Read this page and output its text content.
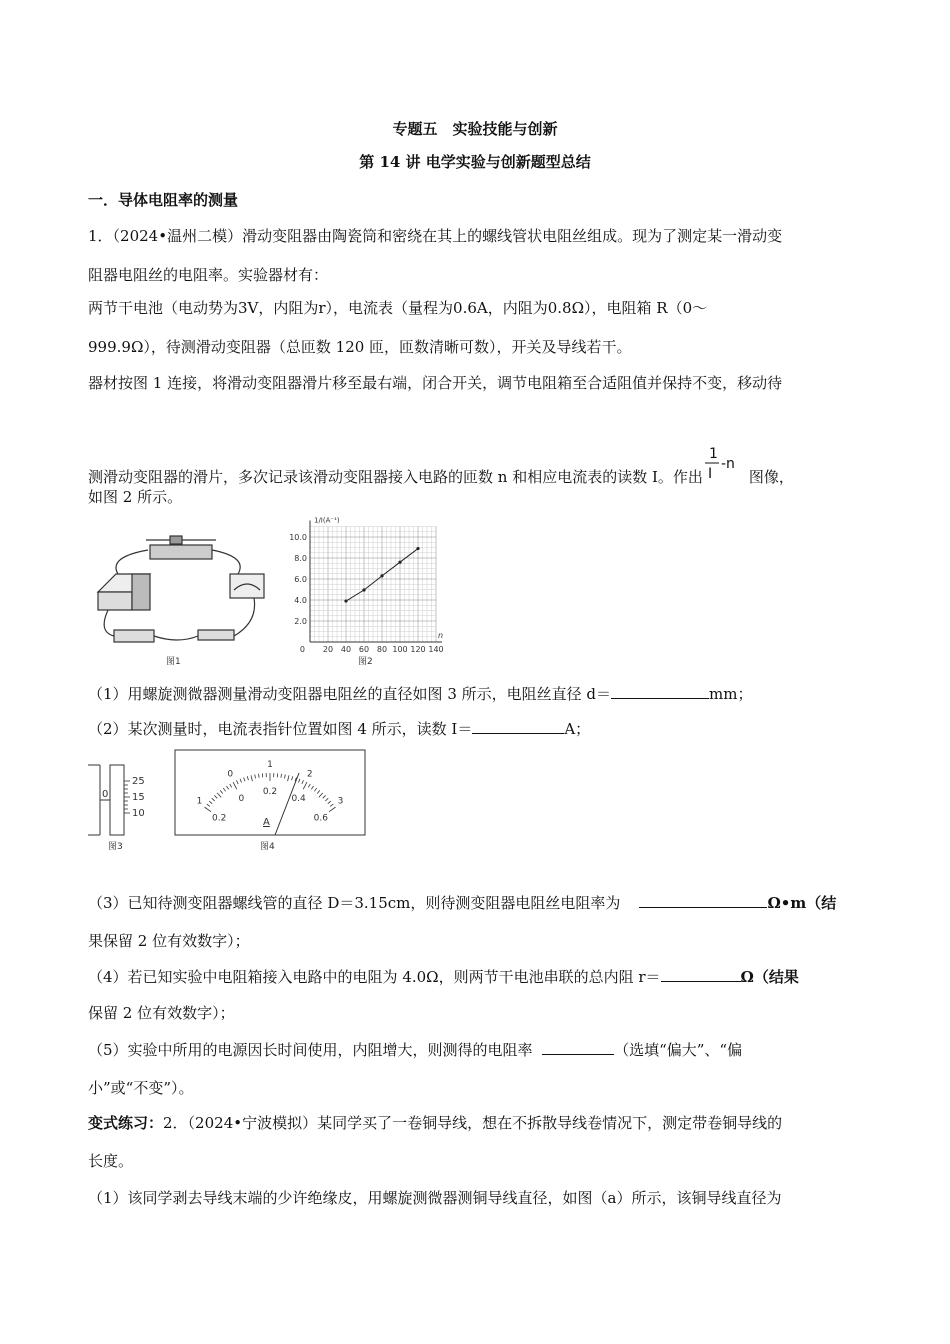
专题五　实验技能与创新
第 14 讲 电学实验与创新题型总结
一．导体电阻率的测量
1．（2024•温州二模）滑动变阻器由陶瓷筒和密绕在其上的螺线管状电阻丝组成。现为了测定某一滑动变
阻器电阻丝的电阻率。实验器材有：
两节干电池（电动势为3V，内阻为r），电流表（量程为0.6A，内阻为0.8Ω），电阻箱 R（0～
999.9Ω），待测滑动变阻器（总匝数 120 匝，匝数清晰可数），开关及导线若干。
器材按图 1 连接，将滑动变阻器滑片移至最右端，闭合开关，调节电阻箱至合适阻值并保持不变，移动待
测滑动变阻器的滑片，多次记录该滑动变阻器接入电路的匝数 n 和相应电流表的读数 I。作出
1
I
-n
图像，
如图 2 所示。
图1
2.0
4.0
6.0
8.0
10.0
0 20 40 60 80 100 120 140
1/I(A⁻¹)
n
图2
（1）用螺旋测微器测量滑动变阻器电阻丝的直径如图 3 所示，电阻丝直径 d＝	mm；
（2）某次测量时，电流表指针位置如图 4 所示，读数 I＝	A；
0
25
15
10
图3
1
0.2
0
0
1
0.2
2
0.4	3
0.6
A
图4
（3）已知待测变阻器螺线管的直径 D＝3.15cm，则待测变阻器电阻丝电阻率为	Ω•m（结
果保留 2 位有效数字）；
（4）若已知实验中电阻箱接入电路中的电阻为 4.0Ω，则两节干电池串联的总内阻 r＝	Ω（结果
保留 2 位有效数字）；
（5）实验中所用的电源因长时间使用，内阻增大，则测得的电阻率	（选填“偏大”、“偏
小”或“不变”）。
变式练习：2．（2024•宁波模拟）某同学买了一卷铜导线，想在不拆散导线卷情况下，测定带卷铜导线的
长度。
（1）该同学剥去导线末端的少许绝缘皮，用螺旋测微器测铜导线直径，如图（a）所示，该铜导线直径为
